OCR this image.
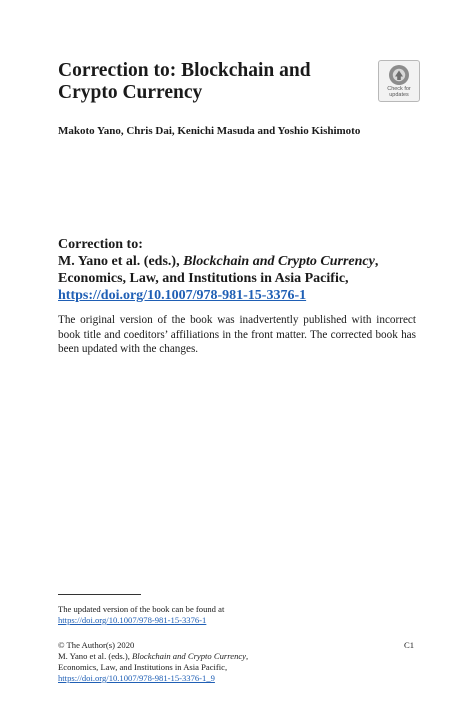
Correction to: Blockchain and Crypto Currency	Check for
updates
Makoto Yano, Chris Dai, Kenichi Masuda and Yoshio Kishimoto
Correction to:
M. Yano et al. (eds.), Blockchain and Crypto Currency,
Economics, Law, and Institutions in Asia Pacific,
https://doi.org/10.1007/978-981-15-3376-1

The original version of the book was inadvertently published with incorrect book title and coeditors’ affiliations in the front matter. The corrected book has been updated with the changes.

The updated version of the book can be found at
https://doi.org/10.1007/978-981-15-3376-1
© The Author(s) 2020
M. Yano et al. (eds.), Blockchain and Crypto Currency,
Economics, Law, and Institutions in Asia Pacific,
https://doi.org/10.1007/978-981-15-3376-1_9
C1
